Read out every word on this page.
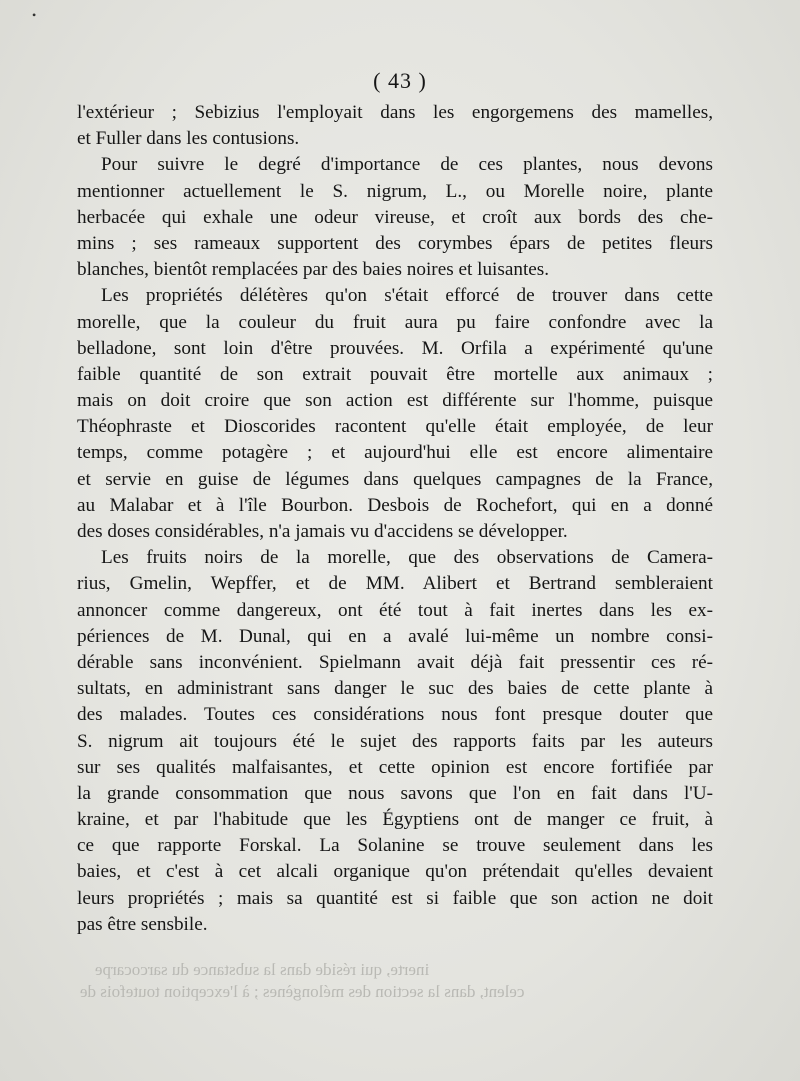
( 43 )
l'extérieur ; Sebizius l'employait dans les engorgemens des mamelles,
et Fuller dans les contusions.
Pour suivre le degré d'importance de ces plantes, nous devons
mentionner actuellement le S. nigrum, L., ou Morelle noire, plante
herbacée qui exhale une odeur vireuse, et croît aux bords des che-
mins ; ses rameaux supportent des corymbes épars de petites fleurs
blanches, bientôt remplacées par des baies noires et luisantes.
Les propriétés délétères qu'on s'était efforcé de trouver dans cette
morelle, que la couleur du fruit aura pu faire confondre avec la
belladone, sont loin d'être prouvées. M. Orfila a expérimenté qu'une
faible quantité de son extrait pouvait être mortelle aux animaux ;
mais on doit croire que son action est différente sur l'homme, puisque
Théophraste et Dioscorides racontent qu'elle était employée, de leur
temps, comme potagère ; et aujourd'hui elle est encore alimentaire
et servie en guise de légumes dans quelques campagnes de la France,
au Malabar et à l'île Bourbon. Desbois de Rochefort, qui en a donné
des doses considérables, n'a jamais vu d'accidens se développer.
Les fruits noirs de la morelle, que des observations de Camera-
rius, Gmelin, Wepffer, et de MM. Alibert et Bertrand sembleraient
annoncer comme dangereux, ont été tout à fait inertes dans les ex-
périences de M. Dunal, qui en a avalé lui-même un nombre consi-
dérable sans inconvénient. Spielmann avait déjà fait pressentir ces ré-
sultats, en administrant sans danger le suc des baies de cette plante à
des malades. Toutes ces considérations nous font presque douter que
S. nigrum ait toujours été le sujet des rapports faits par les auteurs
sur ses qualités malfaisantes, et cette opinion est encore fortifiée par
la grande consommation que nous savons que l'on en fait dans l'U-
kraine, et par l'habitude que les Égyptiens ont de manger ce fruit, à
ce que rapporte Forskal. La Solanine se trouve seulement dans les
baies, et c'est à cet alcali organique qu'on prétendait qu'elles devaient
leurs propriétés ; mais sa quantité est si faible que son action ne doit
pas être sensbile.
inerte, qui réside dans la substance du sarcocarpe
celent, dans la section des mélongènes ; à l'exception toutefois de
•
